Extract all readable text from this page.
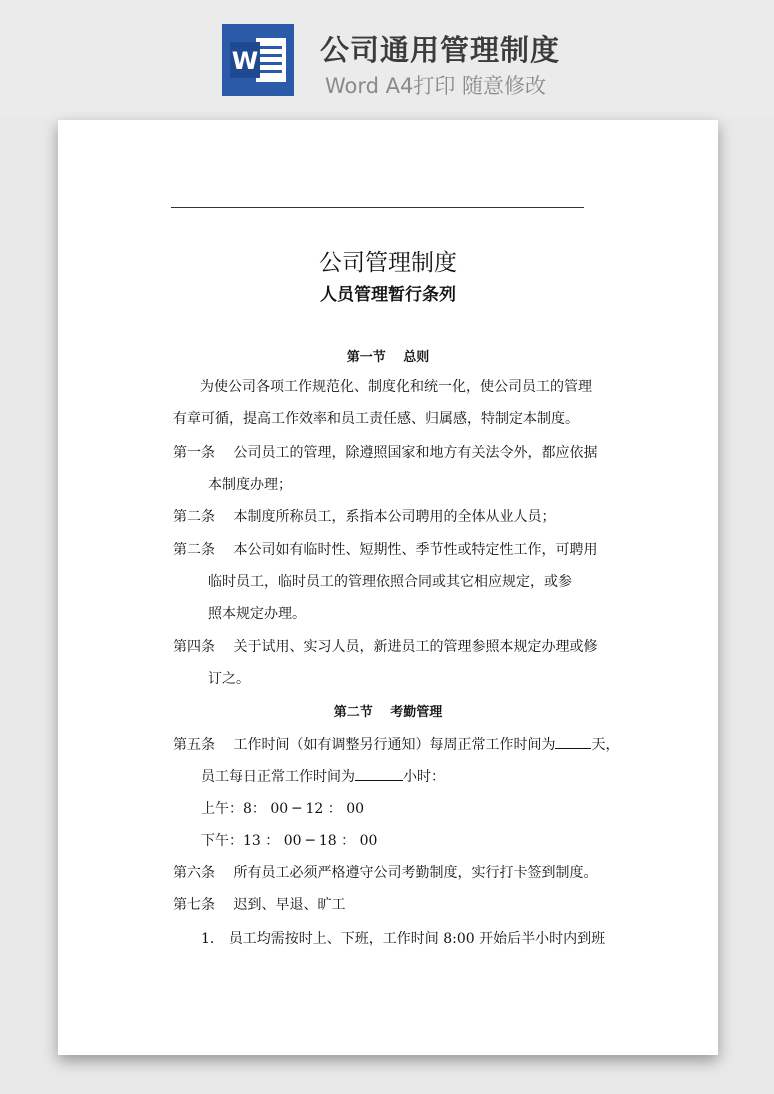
W 公司通用管理制度
Word A4打印 随意修改
公司管理制度
人员管理暂行条列
第一节　 总则
为使公司各项工作规范化、制度化和统一化，使公司员工的管理
有章可循，提高工作效率和员工责任感、归属感，特制定本制度。
第一条 公司员工的管理，除遵照国家和地方有关法令外，都应依据
本制度办理；
第二条 本制度所称员工，系指本公司聘用的全体从业人员；
第二条 本公司如有临时性、短期性、季节性或特定性工作，可聘用
临时员工，临时员工的管理依照合同或其它相应规定，或参
照本规定办理。
第四条 关于试用、实习人员，新进员工的管理参照本规定办理或修
订之。
第二节　 考勤管理
第五条 工作时间（如有调整另行通知）每周正常工作时间为	天，
员工每日正常工作时间为	小时：
上午：8： 00 ─ 12 ： 00
下午：13 ： 00 ─ 18 ： 00
第六条 所有员工必须严格遵守公司考勤制度，实行打卡签到制度。
第七条 迟到、早退、旷工
1. 员工均需按时上、下班，工作时间 8:00 开始后半小时内到班
